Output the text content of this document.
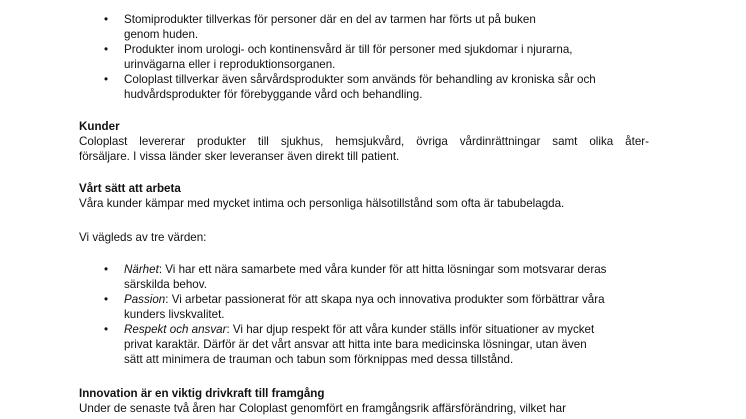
• Stomiprodukter tillverkas för personer där en del av tarmen har förts ut på buken
genom huden.
• Produkter inom urologi- och kontinensvård är till för personer med sjukdomar i njurarna,
urinvägarna eller i reproduktionsorganen.
• Coloplast tillverkar även sårvårdsprodukter som används för behandling av kroniska sår och
hudvårdsprodukter för förebyggande vård och behandling.
Kunder
Coloplast levererar produkter till sjukhus, hemsjukvård, övriga vårdinrättningar samt olika åter-
försäljare. I vissa länder sker leveranser även direkt till patient.
Vårt sätt att arbeta
Våra kunder kämpar med mycket intima och personliga hälsotillstånd som ofta är tabubelagda.
Vi vägleds av tre värden:
• Närhet: Vi har ett nära samarbete med våra kunder för att hitta lösningar som motsvarar deras
särskilda behov.
• Passion: Vi arbetar passionerat för att skapa nya och innovativa produkter som förbättrar våra
kunders livskvalitet.
• Respekt och ansvar: Vi har djup respekt för att våra kunder ställs inför situationer av mycket
privat karaktär. Därför är det vårt ansvar att hitta inte bara medicinska lösningar, utan även
sätt att minimera de trauman och tabun som förknippas med dessa tillstånd.
Innovation är en viktig drivkraft till framgång
Under de senaste två åren har Coloplast genomfört en framgångsrik affärsförändring, vilket har
